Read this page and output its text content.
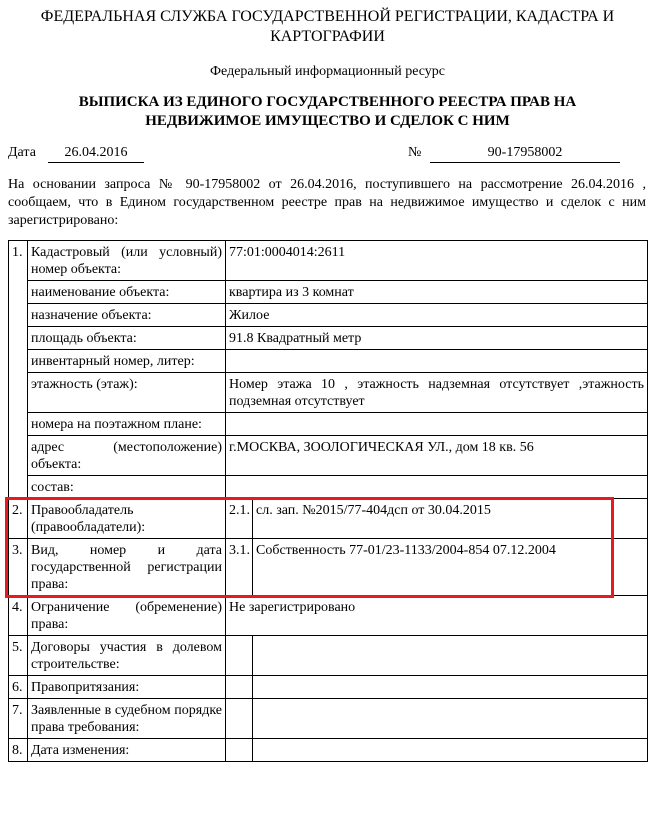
ФЕДЕРАЛЬНАЯ СЛУЖБА ГОСУДАРСТВЕННОЙ РЕГИСТРАЦИИ, КАДАСТРА И КАРТОГРАФИИ
Федеральный информационный ресурс
ВЫПИСКА ИЗ ЕДИНОГО ГОСУДАРСТВЕННОГО РЕЕСТРА ПРАВ НА НЕДВИЖИМОЕ ИМУЩЕСТВО И СДЕЛОК С НИМ
Дата	26.04.2016	№	90-17958002
На основании запроса № 90-17958002 от 26.04.2016, поступившего на рассмотрение 26.04.2016 , сообщаем, что в Едином государственном реестре прав на недвижимое имущество и сделок с ним зарегистрировано:
1.	Кадастровый (или условный) номер объекта:	77:01:0004014:2611	
	наименование объекта:	квартира из 3 комнат	
	назначение объекта:	Жилое	
	площадь объекта:	91.8 Квадратный метр	
	инвентарный номер, литер:		
	этажность (этаж):	Номер этажа 10 , этажность надземная отсутствует ,этажность подземная отсутствует	
	номера на поэтажном плане:		
	адрес (местоположение) объекта:	г.МОСКВА, ЗООЛОГИЧЕСКАЯ УЛ., дом 18 кв. 56	
	состав:		
2.	Правообладатель (правообладатели):	2.1.	сл. зап. №2015/77-404дсп от 30.04.2015
3.	Вид, номер и дата государственной регистрации права:	3.1.	Собственность 77-01/23-1133/2004-854 07.12.2004
4.	Ограничение (обременение) права:	Не зарегистрировано	
5.	Договоры участия в долевом строительстве:		
6.	Правопритязания:		
7.	Заявленные в судебном порядке права требования:		
8.	Дата изменения:		
